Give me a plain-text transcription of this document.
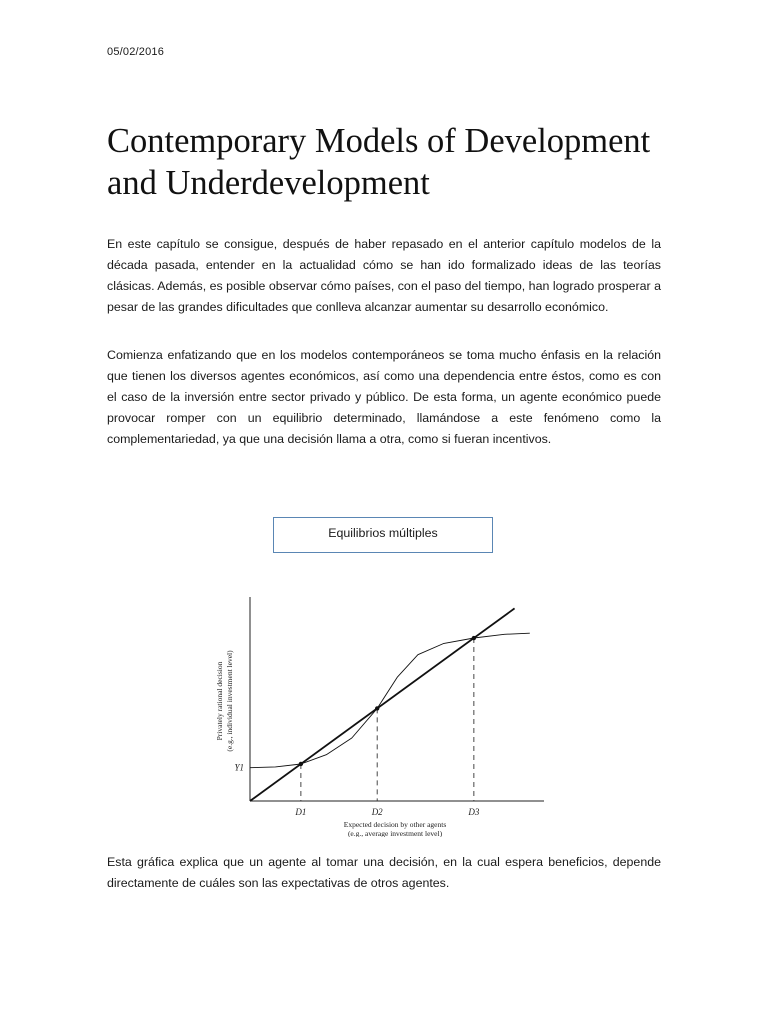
05/02/2016
Contemporary Models of Development and Underdevelopment

En este capítulo se consigue, después de haber repasado en el anterior capítulo modelos de la década pasada, entender en la actualidad cómo se han ido formalizado ideas de las teorías clásicas. Además, es posible observar cómo países, con el paso del tiempo, han logrado prosperar a pesar de las grandes dificultades que conlleva alcanzar aumentar su desarrollo económico.

Comienza enfatizando que en los modelos contemporáneos se toma mucho énfasis en la relación que tienen los diversos agentes económicos, así como una dependencia entre éstos, como es con el caso de la inversión entre sector privado y público. De esta forma, un agente económico puede provocar romper con un equilibrio determinado, llamándose a este fenómeno como la complementariedad, ya que una decisión llama a otra, como si fueran incentivos.

Equilibrios múltiples
D1	D2	D3
Y1
Expected decision by other agents
(e.g., average investment level)
Privately rational decision (e.g., individual investment level)

Esta gráfica explica que un agente al tomar una decisión, en la cual espera beneficios, depende directamente de cuáles son las expectativas de otros agentes.
